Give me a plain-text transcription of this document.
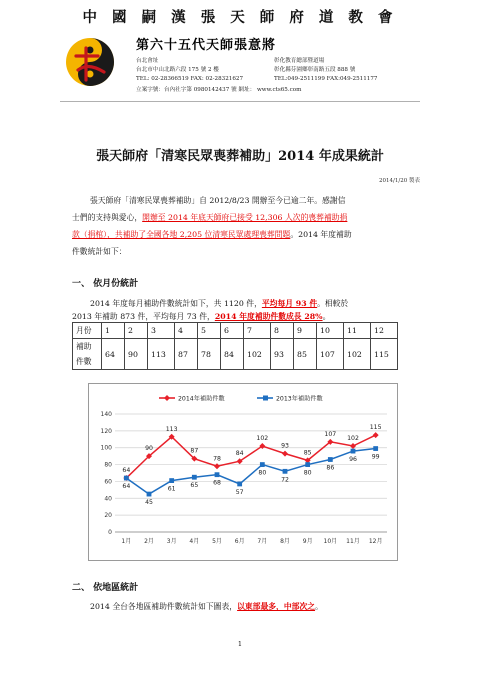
中 國 嗣 漢 張 天 師 府 道 教 會
第六十五代天師張意將
台北會址
台北市中山北路六段 175 號 2 樓
TEL: 02-28366519 FAX: 02-28321627
彰化教育總部暨道場
彰化縣芬園鄉彰南路五段 888 號
TEL:049-2511199 FAX:049-2511177
立案字號：台內社字第 0980142437 號 網址： www.cts65.com
張天師府「清寒民眾喪葬補助」2014 年成果統計
2014/1/20 製表
張天師府「清寒民眾喪葬補助」自 2012/8/23 開辦至今已逾二年。感謝信
士們的支持與愛心，開辦至 2014 年底天師府已接受 12,306 人次的喪葬補助捐
款（捐棺），共補助了全國各地 2,205 位清寒民眾處理喪葬問題。2014 年度補助
件數統計如下：
一、 依月份統計
2014 年度每月補助件數統計如下，共 1120 件，平均每月 93 件。相較於
2013 年補助 873 件，平均每月 73 件，2014 年度補助件數成長 28%。
月份	1	2	3	4	5	6	7	8	9	10	11	12
補助件數	64	90	113	87	78	84	102	93	85	107	102	115
0
20
40
60
80
100
120
140
1月 2月 3月 4月 5月 6月 7月 8月 9月 10月 11月 12月
2014年補助件數	2013年補助件數
64
90
113
87
78
84
102
93
85
107
102
115
64
45
61 65 68
57
80
72
80
86
96 99
二、 依地區統計
2014 全台各地區補助件數統計如下圖表，以東部最多，中部次之。
1
